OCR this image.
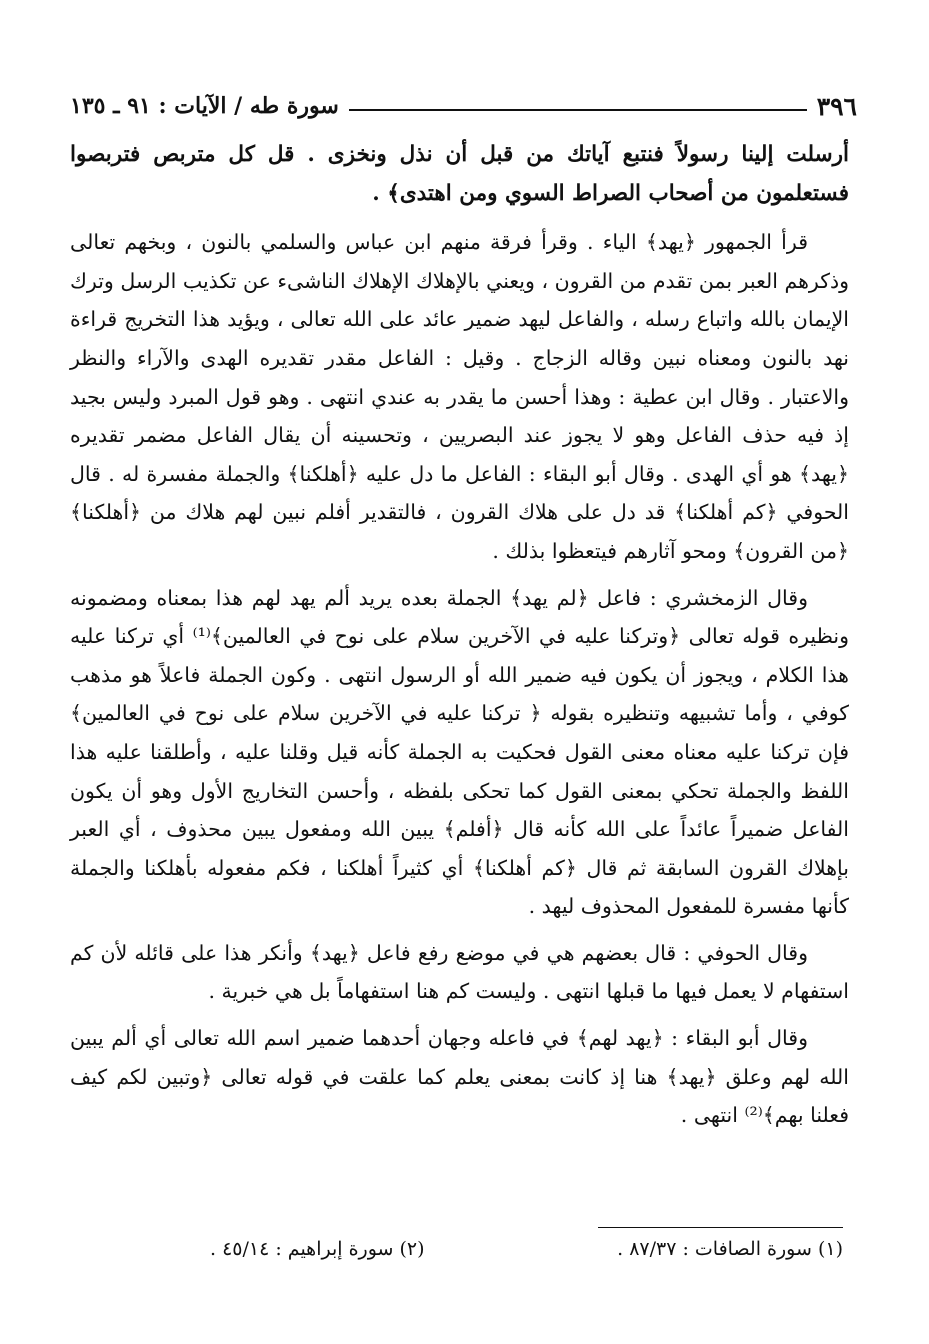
٣٩٦
سورة طه / الآيات : ٩١ ـ ١٣٥

أرسلت إلينا رسولاً فنتبع آياتك من قبل أن نذل ونخزى . قل كل متربص فتربصوا فستعلمون من أصحاب الصراط السوي ومن اهتدى﴾ .

قرأ الجمهور ﴿يهد﴾ الياء . وقرأ فرقة منهم ابن عباس والسلمي بالنون ، وبخهم تعالى وذكرهم العبر بمن تقدم من القرون ، ويعني بالإهلاك الإهلاك الناشىء عن تكذيب الرسل وترك الإيمان بالله واتباع رسله ، والفاعل ليهد ضمير عائد على الله تعالى ، ويؤيد هذا التخريج قراءة نهد بالنون ومعناه نبين وقاله الزجاج . وقيل : الفاعل مقدر تقديره الهدى والآراء والنظر والاعتبار . وقال ابن عطية : وهذا أحسن ما يقدر به عندي انتهى . وهو قول المبرد وليس بجيد إذ فيه حذف الفاعل وهو لا يجوز عند البصريين ، وتحسينه أن يقال الفاعل مضمر تقديره ﴿يهد﴾ هو أي الهدى . وقال أبو البقاء : الفاعل ما دل عليه ﴿أهلكنا﴾ والجملة مفسرة له . قال الحوفي ﴿كم أهلكنا﴾ قد دل على هلاك القرون ، فالتقدير أفلم نبين لهم هلاك من ﴿أهلكنا﴾ ﴿من القرون﴾ ومحو آثارهم فيتعظوا بذلك .

وقال الزمخشري : فاعل ﴿لم يهد﴾ الجملة بعده يريد ألم يهد لهم هذا بمعناه ومضمونه ونظيره قوله تعالى ﴿وتركنا عليه في الآخرين سلام على نوح في العالمين﴾⁽¹⁾ أي تركنا عليه هذا الكلام ، ويجوز أن يكون فيه ضمير الله أو الرسول انتهى . وكون الجملة فاعلاً هو مذهب كوفي ، وأما تشبيهه وتنظيره بقوله ﴿ تركنا عليه في الآخرين سلام على نوح في العالمين﴾ فإن تركنا عليه معناه معنى القول فحكيت به الجملة كأنه قيل وقلنا عليه ، وأطلقنا عليه هذا اللفظ والجملة تحكي بمعنى القول كما تحكى بلفظه ، وأحسن التخاريج الأول وهو أن يكون الفاعل ضميراً عائداً على الله كأنه قال ﴿أفلم﴾ يبين الله ومفعول يبين محذوف ، أي العبر بإهلاك القرون السابقة ثم قال ﴿كم أهلكنا﴾ أي كثيراً أهلكنا ، فكم مفعوله بأهلكنا والجملة كأنها مفسرة للمفعول المحذوف ليهد .

وقال الحوفي : قال بعضهم هي في موضع رفع فاعل ﴿يهد﴾ وأنكر هذا على قائله لأن كم استفهام لا يعمل فيها ما قبلها انتهى . وليست كم هنا استفهاماً بل هي خبرية .

وقال أبو البقاء : ﴿يهد لهم﴾ في فاعله وجهان أحدهما ضمير اسم الله تعالى أي ألم يبين الله لهم وعلق ﴿يهد﴾ هنا إذ كانت بمعنى يعلم كما علقت في قوله تعالى ﴿وتبين لكم كيف فعلنا بهم﴾⁽²⁾ انتهى .

(١) سورة الصافات : ٨٧/٣٧ .
(٢) سورة إبراهيم : ٤٥/١٤ .
